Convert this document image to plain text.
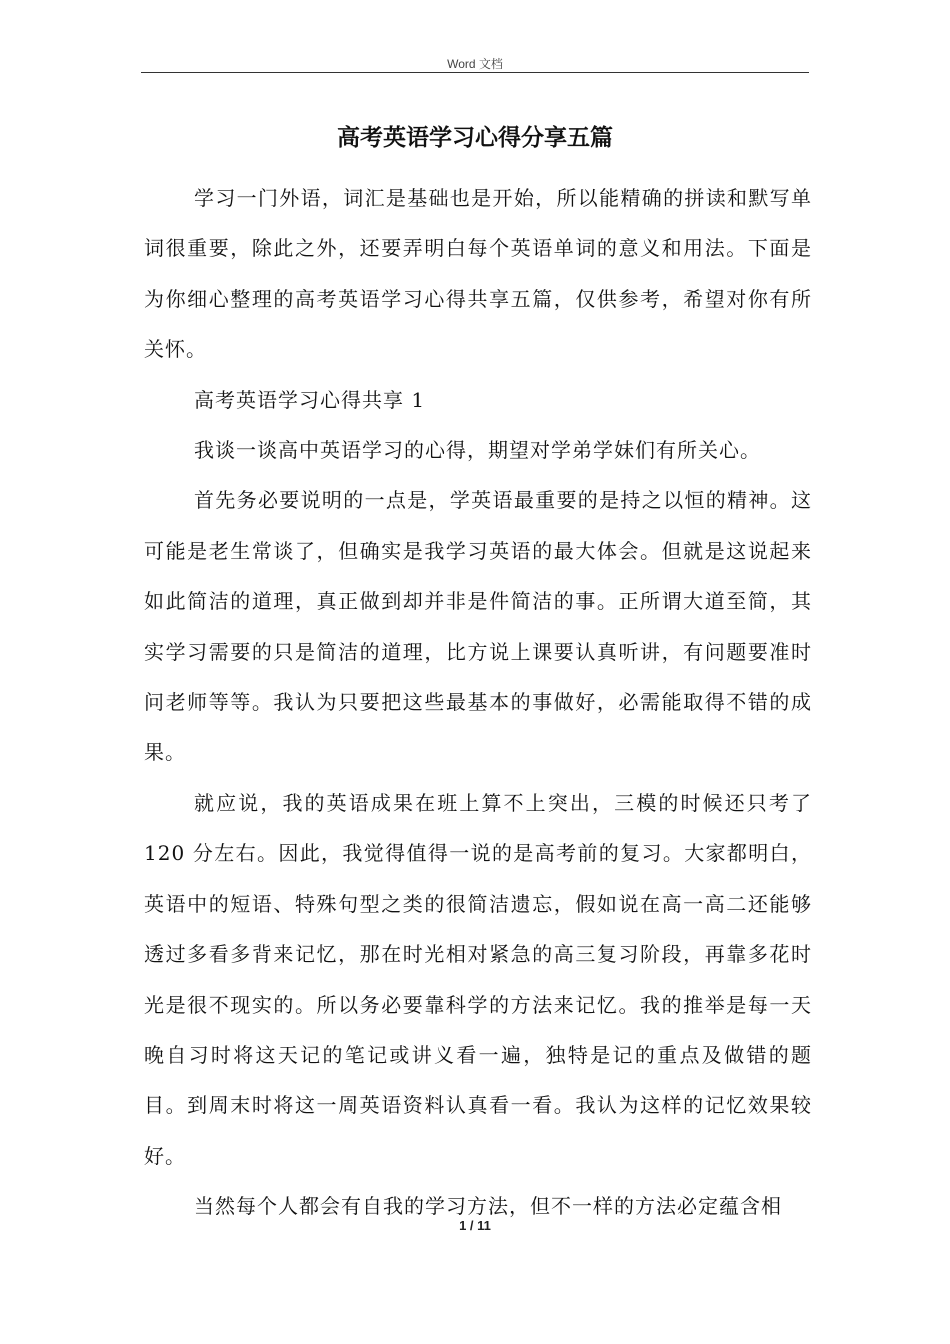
Word 文档
高考英语学习心得分享五篇

学习一门外语，词汇是基础也是开始，所以能精确的拼读和默写单词很重要，除此之外，还要弄明白每个英语单词的意义和用法。下面是为你细心整理的高考英语学习心得共享五篇，仅供参考，希望对你有所关怀。

高考英语学习心得共享 1

我谈一谈高中英语学习的心得，期望对学弟学妹们有所关心。

首先务必要说明的一点是，学英语最重要的是持之以恒的精神。这可能是老生常谈了，但确实是我学习英语的最大体会。但就是这说起来如此简洁的道理，真正做到却并非是件简洁的事。正所谓大道至简，其实学习需要的只是简洁的道理，比方说上课要认真听讲，有问题要准时问老师等等。我认为只要把这些最基本的事做好，必需能取得不错的成果。

就应说，我的英语成果在班上算不上突出，三模的时候还只考了 120 分左右。因此，我觉得值得一说的是高考前的复习。大家都明白，英语中的短语、特殊句型之类的很简洁遗忘，假如说在高一高二还能够透过多看多背来记忆，那在时光相对紧急的高三复习阶段，再靠多花时光是很不现实的。所以务必要靠科学的方法来记忆。我的推举是每一天晚自习时将这天记的笔记或讲义看一遍，独特是记的重点及做错的题目。到周末时将这一周英语资料认真看一看。我认为这样的记忆效果较好。

当然每个人都会有自我的学习方法，但不一样的方法必定蕴含相

1 / 11
